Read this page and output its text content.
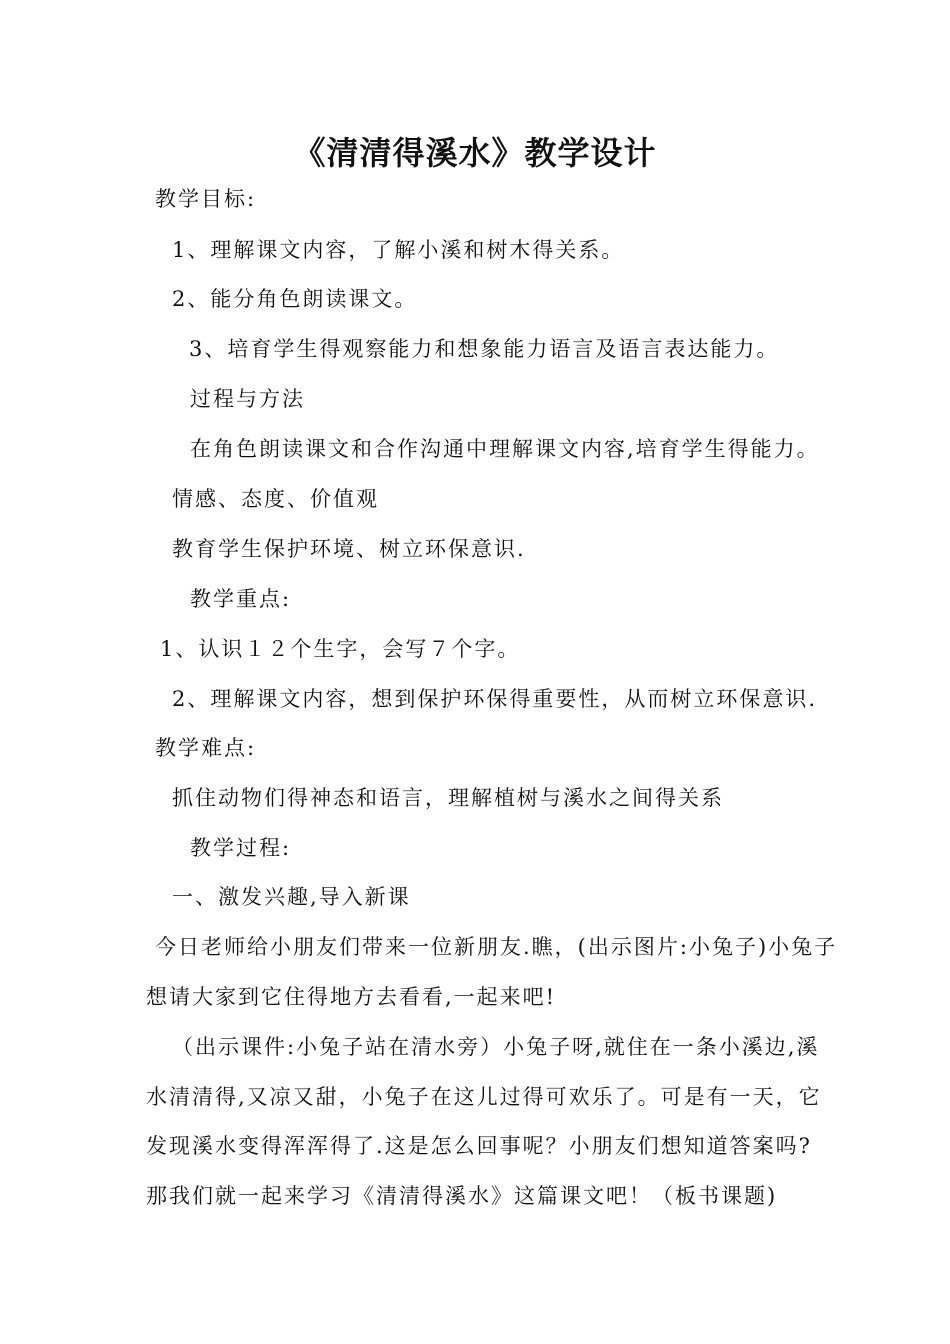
《清清得溪水》教学设计
教学目标:
1、理解课文内容，了解小溪和树木得关系。
2、能分角色朗读课文。
3、培育学生得观察能力和想象能力语言及语言表达能力。
过程与方法
在角色朗读课文和合作沟通中理解课文内容,培育学生得能力。
情感、态度、价值观
教育学生保护环境、树立环保意识.
教学重点:
1、认识１２个生字，会写７个字。
2、理解课文内容，想到保护环保得重要性，从而树立环保意识.
教学难点:
抓住动物们得神态和语言，理解植树与溪水之间得关系
教学过程:
一、激发兴趣,导入新课
今日老师给小朋友们带来一位新朋友.瞧，(出示图片:小兔子)小兔子
想请大家到它住得地方去看看,一起来吧!
（出示课件:小兔子站在清水旁）小兔子呀,就住在一条小溪边,溪
水清清得,又凉又甜，小兔子在这儿过得可欢乐了。可是有一天，它
发现溪水变得浑浑得了.这是怎么回事呢？小朋友们想知道答案吗?
那我们就一起来学习《清清得溪水》这篇课文吧！（板书课题)
